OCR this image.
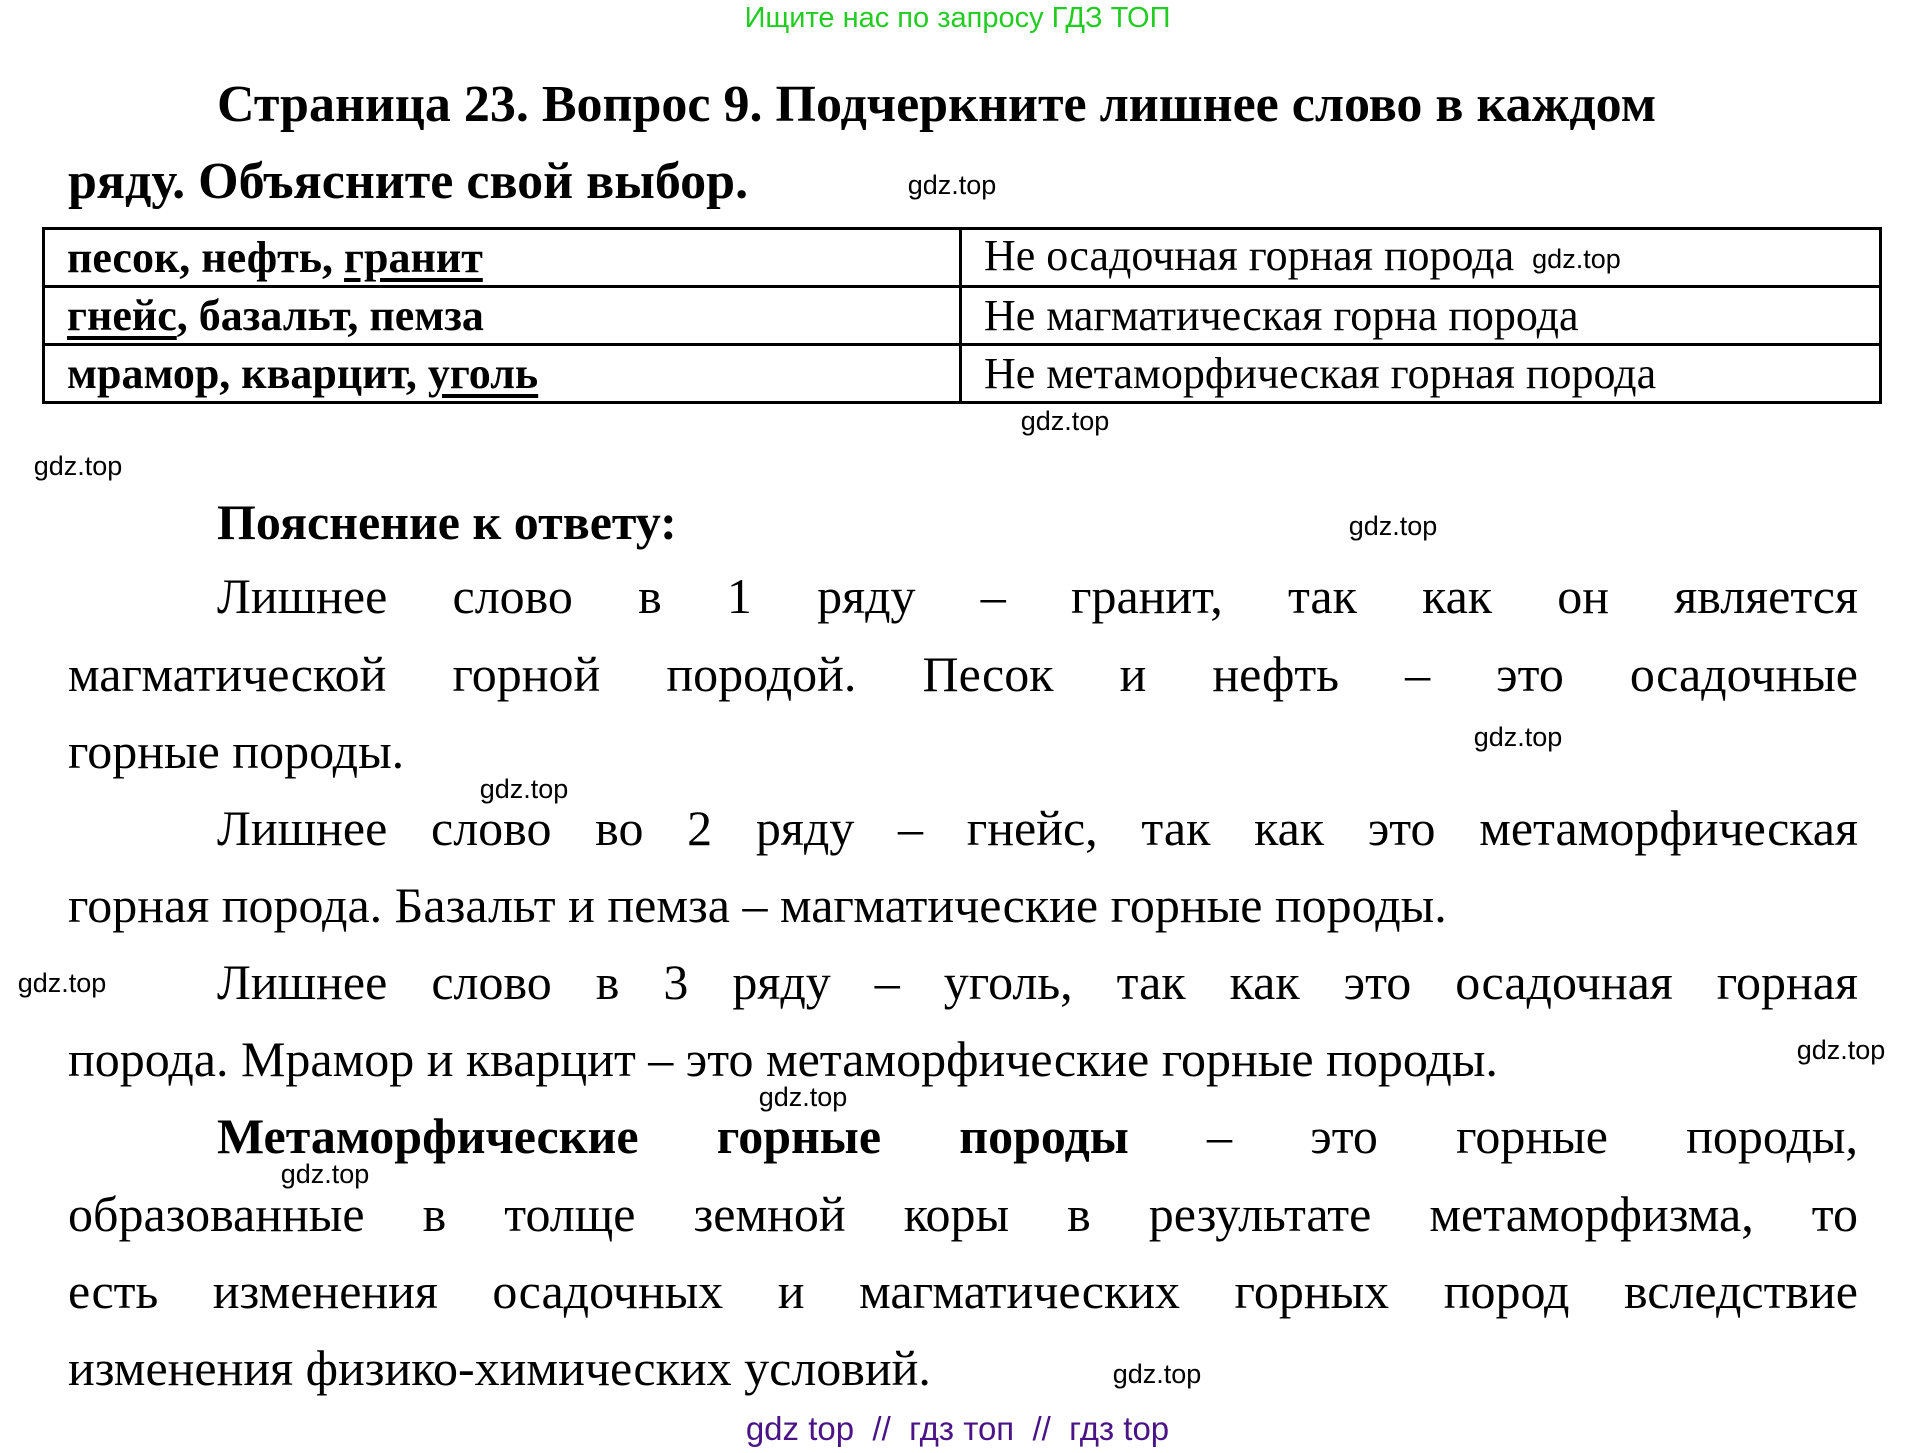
Ищите нас по запросу ГДЗ ТОП
Страница 23. Вопрос 9. Подчеркните лишнее слово в каждом
ряду. Объясните свой выбор.
песок, нефть, гранит	Не осадочная горная порода gdz.top
гнейс, базальт, пемза	Не магматическая горна порода
мрамор, кварцит, уголь	Не метаморфическая горная порода
Пояснение к ответу:
Лишнее слово в 1 ряду – гранит, так как он является
магматической горной породой. Песок и нефть – это осадочные
горные породы.
Лишнее слово во 2 ряду – гнейс, так как это метаморфическая
горная порода. Базальт и пемза – магматические горные породы.
Лишнее слово в 3 ряду – уголь, так как это осадочная горная
порода. Мрамор и кварцит – это метаморфические горные породы.
Метаморфические горные породы – это горные породы,
образованные в толще земной коры в результате метаморфизма, то
есть изменения осадочных и магматических горных пород вследствие
изменения физико-химических условий.
gdz.top
gdz.top
gdz.top
gdz.top
gdz.top
gdz.top
gdz.top
gdz.top
gdz.top
gdz.top
gdz.top
gdz top  //  гдз топ  //  гдз top
